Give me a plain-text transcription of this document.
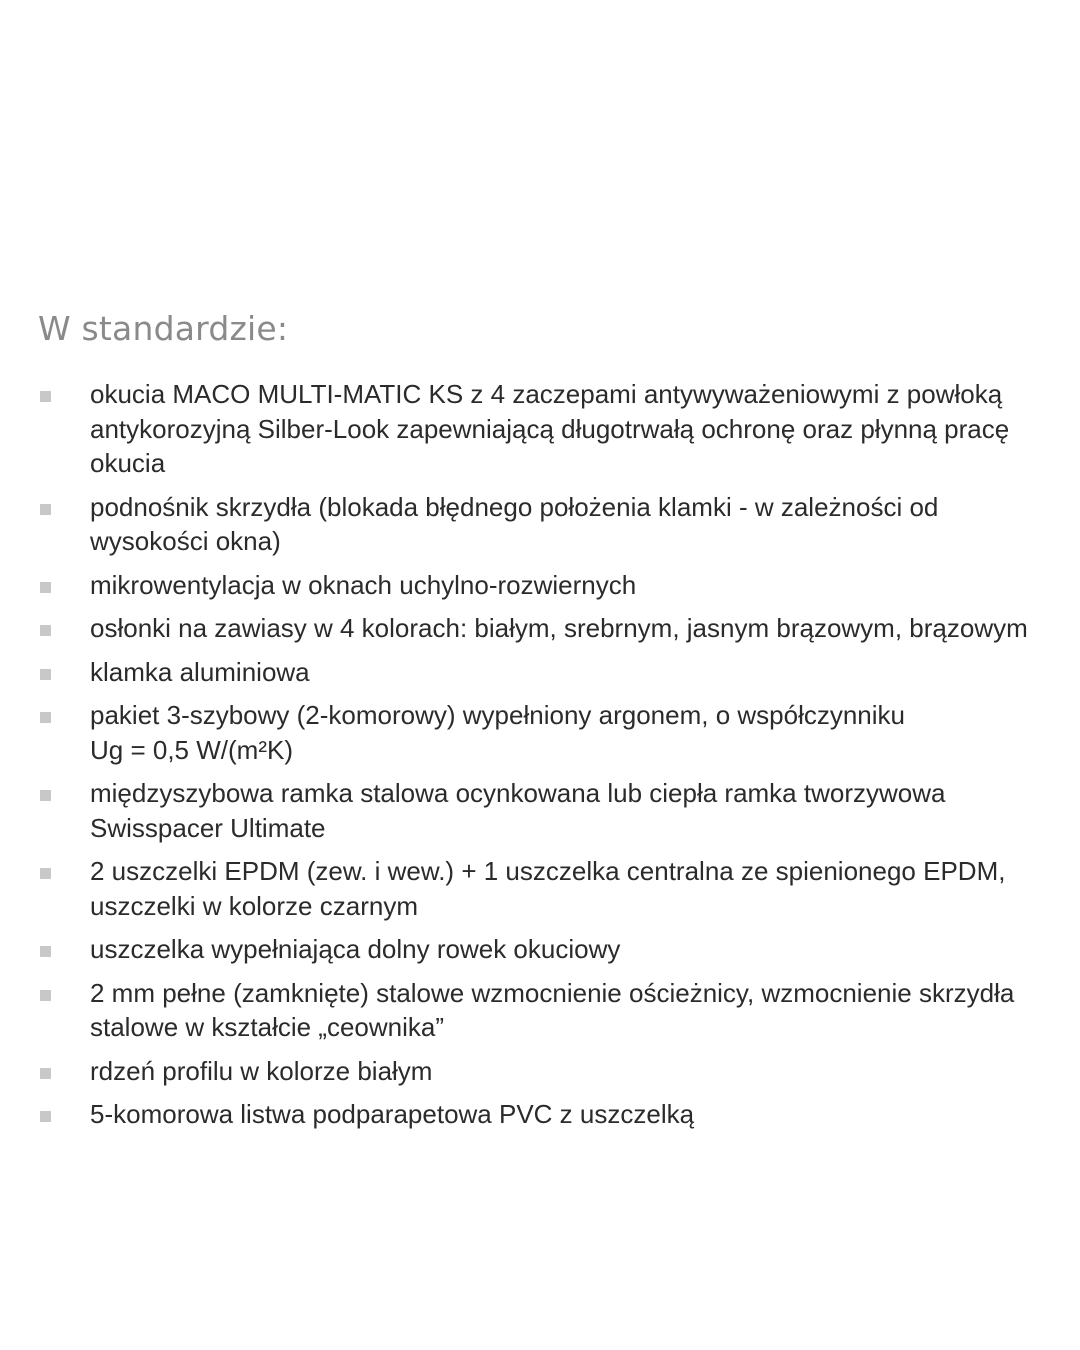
W standardzie:
okucia MACO MULTI-MATIC KS z 4 zaczepami antywyważeniowymi z powłoką
antykorozyjną Silber-Look zapewniającą długotrwałą ochronę oraz płynną pracę
okucia
podnośnik skrzydła (blokada błędnego położenia klamki - w zależności od
wysokości okna)
mikrowentylacja w oknach uchylno-rozwiernych
osłonki na zawiasy w 4 kolorach: białym, srebrnym, jasnym brązowym, brązowym
klamka aluminiowa
pakiet 3-szybowy (2-komorowy) wypełniony argonem, o współczynniku
Ug = 0,5 W/(m²K)
międzyszybowa ramka stalowa ocynkowana lub ciepła ramka tworzywowa
Swisspacer Ultimate
2 uszczelki EPDM (zew. i wew.) + 1 uszczelka centralna ze spienionego EPDM,
uszczelki w kolorze czarnym
uszczelka wypełniająca dolny rowek okuciowy
2 mm pełne (zamknięte) stalowe wzmocnienie ościeżnicy, wzmocnienie skrzydła
stalowe w kształcie „ceownika”
rdzeń profilu w kolorze białym
5-komorowa listwa podparapetowa PVC z uszczelką
